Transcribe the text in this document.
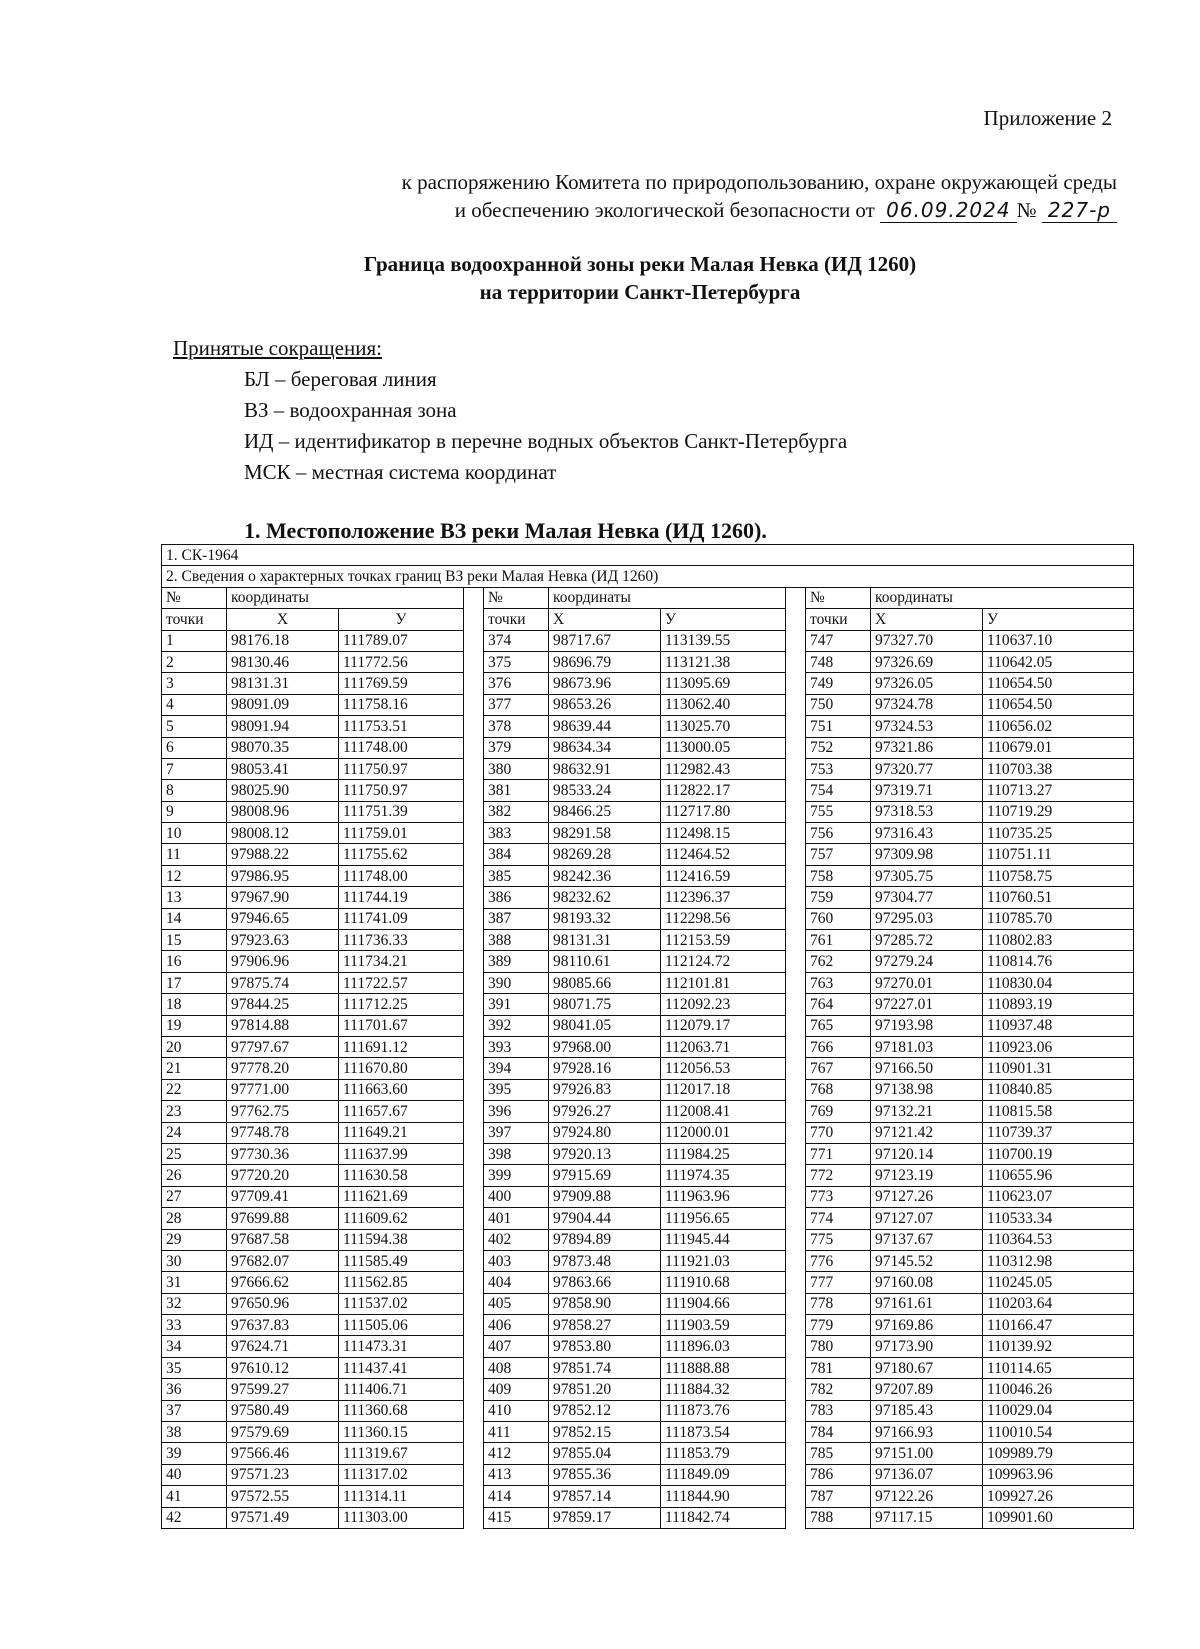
Приложение 2
к распоряжению Комитета по природопользованию, охране окружающей среды
и обеспечению экологической безопасности от 06.09.2024 № 227-р
Граница водоохранной зоны реки Малая Невка (ИД 1260)
на территории Санкт-Петербурга
Принятые сокращения:
БЛ – береговая линия
ВЗ – водоохранная зона
ИД – идентификатор в перечне водных объектов Санкт-Петербурга
МСК – местная система координат
1. Местоположение ВЗ реки Малая Невка (ИД 1260).
1. СК-1964										
2. Сведения о характерных точках границ ВЗ реки Малая Невка (ИД 1260)										
№	координаты			№	координаты			№	координаты	
точки	Х	У		точки	Х	У		точки	Х	У
1	98176.18	111789.07		374	98717.67	113139.55		747	97327.70	110637.10
2	98130.46	111772.56		375	98696.79	113121.38		748	97326.69	110642.05
3	98131.31	111769.59		376	98673.96	113095.69		749	97326.05	110654.50
4	98091.09	111758.16		377	98653.26	113062.40		750	97324.78	110654.50
5	98091.94	111753.51		378	98639.44	113025.70		751	97324.53	110656.02
6	98070.35	111748.00		379	98634.34	113000.05		752	97321.86	110679.01
7	98053.41	111750.97		380	98632.91	112982.43		753	97320.77	110703.38
8	98025.90	111750.97		381	98533.24	112822.17		754	97319.71	110713.27
9	98008.96	111751.39		382	98466.25	112717.80		755	97318.53	110719.29
10	98008.12	111759.01		383	98291.58	112498.15		756	97316.43	110735.25
11	97988.22	111755.62		384	98269.28	112464.52		757	97309.98	110751.11
12	97986.95	111748.00		385	98242.36	112416.59		758	97305.75	110758.75
13	97967.90	111744.19		386	98232.62	112396.37		759	97304.77	110760.51
14	97946.65	111741.09		387	98193.32	112298.56		760	97295.03	110785.70
15	97923.63	111736.33		388	98131.31	112153.59		761	97285.72	110802.83
16	97906.96	111734.21		389	98110.61	112124.72		762	97279.24	110814.76
17	97875.74	111722.57		390	98085.66	112101.81		763	97270.01	110830.04
18	97844.25	111712.25		391	98071.75	112092.23		764	97227.01	110893.19
19	97814.88	111701.67		392	98041.05	112079.17		765	97193.98	110937.48
20	97797.67	111691.12		393	97968.00	112063.71		766	97181.03	110923.06
21	97778.20	111670.80		394	97928.16	112056.53		767	97166.50	110901.31
22	97771.00	111663.60		395	97926.83	112017.18		768	97138.98	110840.85
23	97762.75	111657.67		396	97926.27	112008.41		769	97132.21	110815.58
24	97748.78	111649.21		397	97924.80	112000.01		770	97121.42	110739.37
25	97730.36	111637.99		398	97920.13	111984.25		771	97120.14	110700.19
26	97720.20	111630.58		399	97915.69	111974.35		772	97123.19	110655.96
27	97709.41	111621.69		400	97909.88	111963.96		773	97127.26	110623.07
28	97699.88	111609.62		401	97904.44	111956.65		774	97127.07	110533.34
29	97687.58	111594.38		402	97894.89	111945.44		775	97137.67	110364.53
30	97682.07	111585.49		403	97873.48	111921.03		776	97145.52	110312.98
31	97666.62	111562.85		404	97863.66	111910.68		777	97160.08	110245.05
32	97650.96	111537.02		405	97858.90	111904.66		778	97161.61	110203.64
33	97637.83	111505.06		406	97858.27	111903.59		779	97169.86	110166.47
34	97624.71	111473.31		407	97853.80	111896.03		780	97173.90	110139.92
35	97610.12	111437.41		408	97851.74	111888.88		781	97180.67	110114.65
36	97599.27	111406.71		409	97851.20	111884.32		782	97207.89	110046.26
37	97580.49	111360.68		410	97852.12	111873.76		783	97185.43	110029.04
38	97579.69	111360.15		411	97852.15	111873.54		784	97166.93	110010.54
39	97566.46	111319.67		412	97855.04	111853.79		785	97151.00	109989.79
40	97571.23	111317.02		413	97855.36	111849.09		786	97136.07	109963.96
41	97572.55	111314.11		414	97857.14	111844.90		787	97122.26	109927.26
42	97571.49	111303.00		415	97859.17	111842.74		788	97117.15	109901.60
